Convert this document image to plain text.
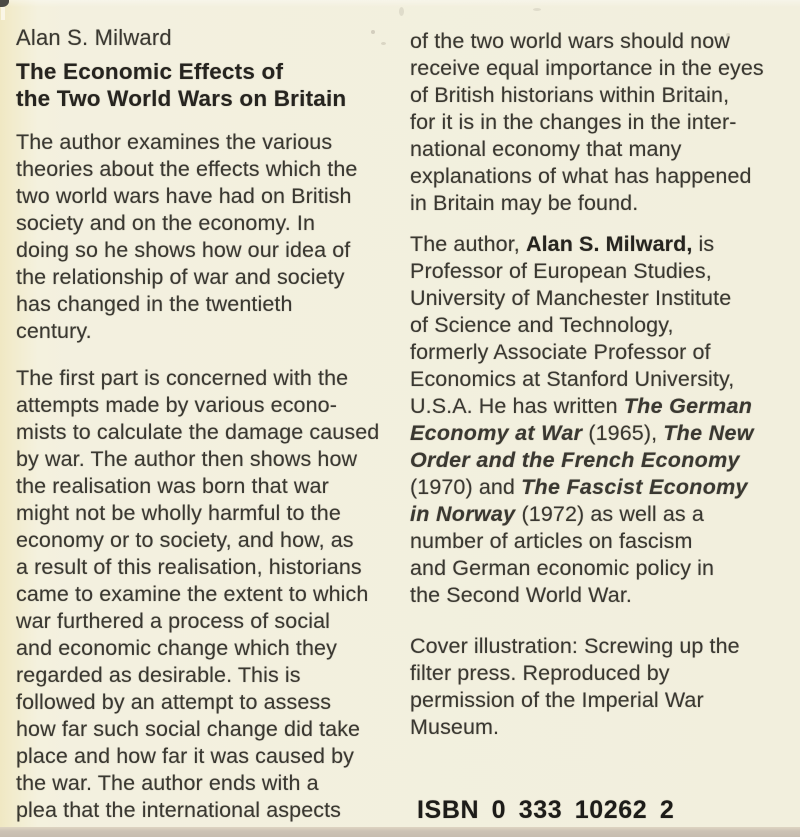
Alan S. Milward
The Economic Effects of
the Two World Wars on Britain

The author examines the various
theories about the effects which the
two world wars have had on British
society and on the economy. In
doing so he shows how our idea of
the relationship of war and society
has changed in the twentieth
century.

The first part is concerned with the
attempts made by various econo-
mists to calculate the damage caused
by war. The author then shows how
the realisation was born that war
might not be wholly harmful to the
economy or to society, and how, as
a result of this realisation, historians
came to examine the extent to which
war furthered a process of social
and economic change which they
regarded as desirable. This is
followed by an attempt to assess
how far such social change did take
place and how far it was caused by
the war. The author ends with a
plea that the international aspects

of the two world wars should now
receive equal importance in the eyes
of British historians within Britain,
for it is in the changes in the inter-
national economy that many
explanations of what has happened
in Britain may be found.

The author, Alan S. Milward, is
Professor of European Studies,
University of Manchester Institute
of Science and Technology,
formerly Associate Professor of
Economics at Stanford University,
U.S.A. He has written The German
Economy at War (1965), The New
Order and the French Economy
(1970) and The Fascist Economy
in Norway (1972) as well as a
number of articles on fascism
and German economic policy in
the Second World War.

Cover illustration: Screwing up the
filter press. Reproduced by
permission of the Imperial War
Museum.

ISBN 0 333 10262 2
